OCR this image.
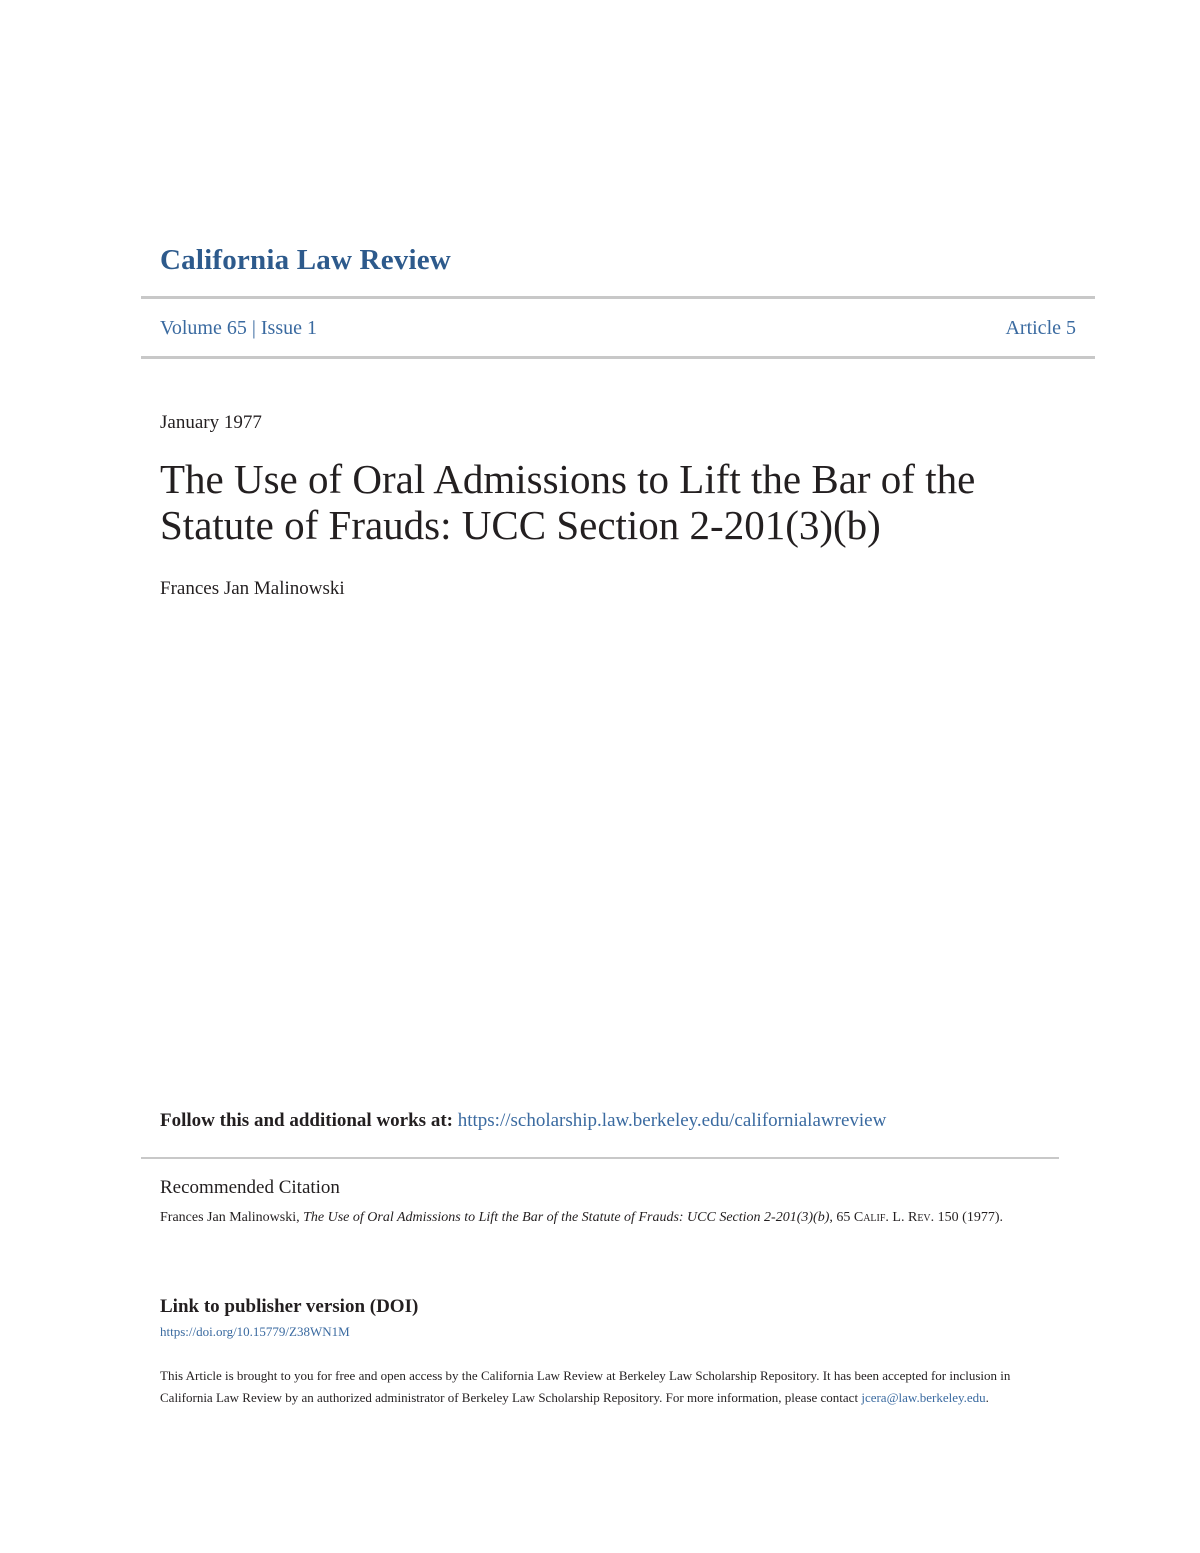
California Law Review
Volume 65 | Issue 1	Article 5
January 1977
The Use of Oral Admissions to Lift the Bar of the Statute of Frauds: UCC Section 2-201(3)(b)
Frances Jan Malinowski
Follow this and additional works at: https://scholarship.law.berkeley.edu/californialawreview
Recommended Citation
Frances Jan Malinowski, The Use of Oral Admissions to Lift the Bar of the Statute of Frauds: UCC Section 2-201(3)(b), 65 Calif. L. Rev. 150 (1977).
Link to publisher version (DOI)
https://doi.org/10.15779/Z38WN1M
This Article is brought to you for free and open access by the California Law Review at Berkeley Law Scholarship Repository. It has been accepted for inclusion in California Law Review by an authorized administrator of Berkeley Law Scholarship Repository. For more information, please contact jcera@law.berkeley.edu.
